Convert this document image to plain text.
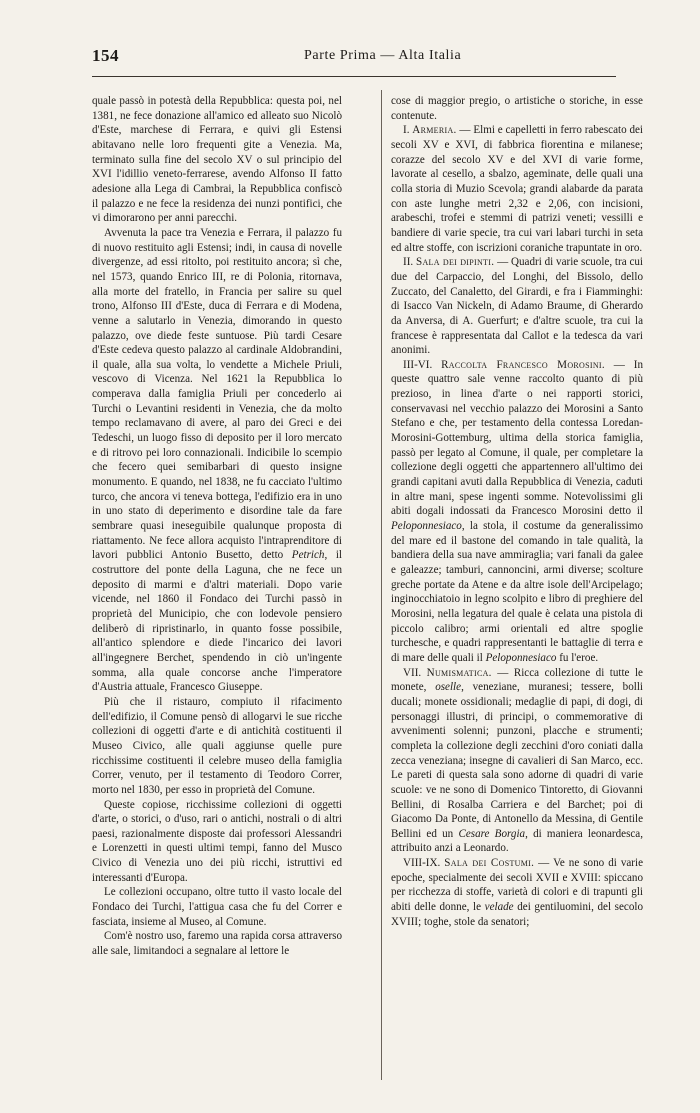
154	Parte Prima — Alta Italia

quale passò in potestà della Repubblica: questa poi, nel 1381, ne fece donazione all'amico ed alleato suo Nicolò d'Este, marchese di Ferrara, e quivi gli Estensi abitavano nelle loro frequenti gite a Venezia. Ma, terminato sulla fine del secolo XV o sul principio del XVI l'idillio veneto-ferrarese, avendo Alfonso II fatto adesione alla Lega di Cambrai, la Repubblica confiscò il palazzo e ne fece la residenza dei nunzi pontifici, che vi dimorarono per anni parecchi.

Avvenuta la pace tra Venezia e Ferrara, il palazzo fu di nuovo restituito agli Estensi; indi, in causa di novelle divergenze, ad essi ritolto, poi restituito ancora; sì che, nel 1573, quando Enrico III, re di Polonia, ritornava, alla morte del fratello, in Francia per salire su quel trono, Alfonso III d'Este, duca di Ferrara e di Modena, venne a salutarlo in Venezia, dimorando in questo palazzo, ove diede feste suntuose. Più tardi Cesare d'Este cedeva questo palazzo al cardinale Aldobrandini, il quale, alla sua volta, lo vendette a Michele Priuli, vescovo di Vicenza. Nel 1621 la Repubblica lo comperava dalla famiglia Priuli per concederlo ai Turchi o Levantini residenti in Venezia, che da molto tempo reclamavano di avere, al paro dei Greci e dei Tedeschi, un luogo fisso di deposito per il loro mercato e di ritrovo pei loro connazionali. Indicibile lo scempio che fecero quei semibarbari di questo insigne monumento. E quando, nel 1838, ne fu cacciato l'ultimo turco, che ancora vi teneva bottega, l'edifizio era in uno in uno stato di deperimento e disordine tale da fare sembrare quasi ineseguibile qualunque proposta di riattamento. Ne fece allora acquisto l'intraprenditore di lavori pubblici Antonio Busetto, detto Petrich, il costruttore del ponte della Laguna, che ne fece un deposito di marmi e d'altri materiali. Dopo varie vicende, nel 1860 il Fondaco dei Turchi passò in proprietà del Municipio, che con lodevole pensiero deliberò di ripristinarlo, in quanto fosse possibile, all'antico splendore e diede l'incarico dei lavori all'ingegnere Berchet, spendendo in ciò un'ingente somma, alla quale concorse anche l'imperatore d'Austria attuale, Francesco Giuseppe.

Più che il ristauro, compiuto il rifacimento dell'edifizio, il Comune pensò di allogarvi le sue ricche collezioni di oggetti d'arte e di antichità costituenti il Museo Civico, alle quali aggiunse quelle pure ricchissime costituenti il celebre museo della famiglia Correr, venuto, per il testamento di Teodoro Correr, morto nel 1830, per esso in proprietà del Comune.

Queste copiose, ricchissime collezioni di oggetti d'arte, o storici, o d'uso, rari o antichi, nostrali o di altri paesi, razionalmente disposte dai professori Alessandri e Lorenzetti in questi ultimi tempi, fanno del Musco Civico di Venezia uno dei più ricchi, istruttivi ed interessanti d'Europa.

Le collezioni occupano, oltre tutto il vasto locale del Fondaco dei Turchi, l'attigua casa che fu del Correr e fasciata, insieme al Museo, al Comune.

Com'è nostro uso, faremo una rapida corsa attraverso alle sale, limitandoci a segnalare al lettore le

cose di maggior pregio, o artistiche o storiche, in esse contenute.

I. Armeria. — Elmi e capelletti in ferro rabescato dei secoli XV e XVI, di fabbrica fiorentina e milanese; corazze del secolo XV e del XVI di varie forme, lavorate al cesello, a sbalzo, ageminate, delle quali una colla storia di Muzio Scevola; grandi alabarde da parata con aste lunghe metri 2,32 e 2,06, con incisioni, arabeschi, trofei e stemmi di patrizi veneti; vessilli e bandiere di varie specie, tra cui vari labari turchi in seta ed altre stoffe, con iscrizioni coraniche trapuntate in oro.

II. Sala dei dipinti. — Quadri di varie scuole, tra cui due del Carpaccio, del Longhi, del Bissolo, dello Zuccato, del Canaletto, del Girardi, e fra i Fiamminghi: di Isacco Van Nickeln, di Adamo Braume, di Gherardo da Anversa, di A. Guerfurt; e d'altre scuole, tra cui la francese è rappresentata dal Callot e la tedesca da vari anonimi.

III-VI. Raccolta Francesco Morosini. — In queste quattro sale venne raccolto quanto di più prezioso, in linea d'arte o nei rapporti storici, conservavasi nel vecchio palazzo dei Morosini a Santo Stefano e che, per testamento della contessa Loredan-Morosini-Gottemburg, ultima della storica famiglia, passò per legato al Comune, il quale, per completare la collezione degli oggetti che appartennero all'ultimo dei grandi capitani avuti dalla Repubblica di Venezia, caduti in altre mani, spese ingenti somme. Notevolissimi gli abiti dogali indossati da Francesco Morosini detto il Peloponnesiaco, la stola, il costume da generalissimo del mare ed il bastone del comando in tale qualità, la bandiera della sua nave ammiraglia; vari fanali da galee e galeazze; tamburi, cannoncini, armi diverse; scolture greche portate da Atene e da altre isole dell'Arcipelago; inginocchiatoio in legno scolpito e libro di preghiere del Morosini, nella legatura del quale è celata una pistola di piccolo calibro; armi orientali ed altre spoglie turchesche, e quadri rappresentanti le battaglie di terra e di mare delle quali il Peloponnesiaco fu l'eroe.

VII. Numismatica. — Ricca collezione di tutte le monete, oselle, veneziane, muranesi; tessere, bolli ducali; monete ossidionali; medaglie di papi, di dogi, di personaggi illustri, di principi, o commemorative di avvenimenti solenni; punzoni, placche e strumenti; completa la collezione degli zecchini d'oro coniati dalla zecca veneziana; insegne di cavalieri di San Marco, ecc. Le pareti di questa sala sono adorne di quadri di varie scuole: ve ne sono di Domenico Tintoretto, di Giovanni Bellini, di Rosalba Carriera e del Barchet; poi di Giacomo Da Ponte, di Antonello da Messina, di Gentile Bellini ed un Cesare Borgia, di maniera leonardesca, attribuito anzi a Leonardo.

VIII-IX. Sala dei Costumi. — Ve ne sono di varie epoche, specialmente dei secoli XVII e XVIII: spiccano per ricchezza di stoffe, varietà di colori e di trapunti gli abiti delle donne, le velade dei gentiluomini, del secolo XVIII; toghe, stole da senatori;
